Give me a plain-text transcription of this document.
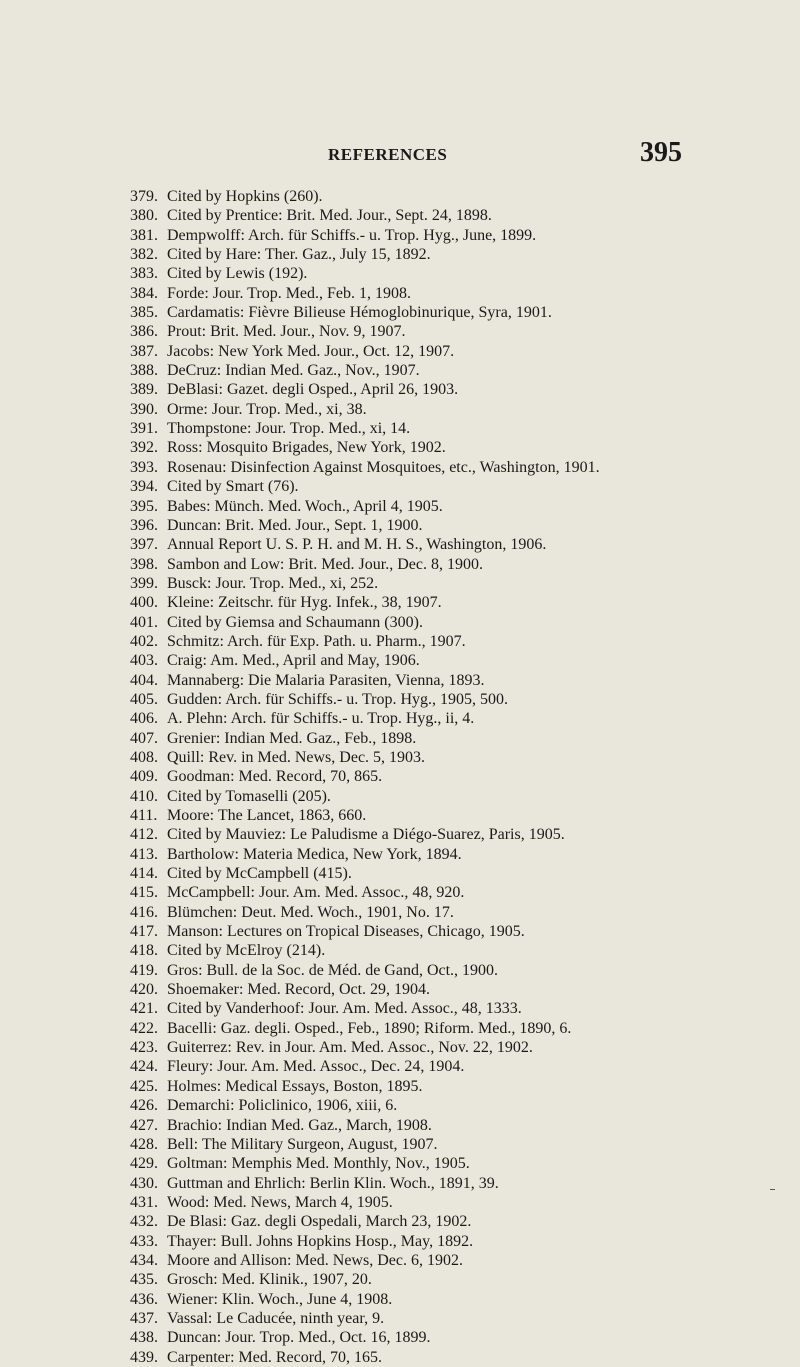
REFERENCES	395
379. Cited by Hopkins (260).
380. Cited by Prentice: Brit. Med. Jour., Sept. 24, 1898.
381. Dempwolff: Arch. für Schiffs.- u. Trop. Hyg., June, 1899.
382. Cited by Hare: Ther. Gaz., July 15, 1892.
383. Cited by Lewis (192).
384. Forde: Jour. Trop. Med., Feb. 1, 1908.
385. Cardamatis: Fièvre Bilieuse Hémoglobinurique, Syra, 1901.
386. Prout: Brit. Med. Jour., Nov. 9, 1907.
387. Jacobs: New York Med. Jour., Oct. 12, 1907.
388. DeCruz: Indian Med. Gaz., Nov., 1907.
389. DeBlasi: Gazet. degli Osped., April 26, 1903.
390. Orme: Jour. Trop. Med., xi, 38.
391. Thompstone: Jour. Trop. Med., xi, 14.
392. Ross: Mosquito Brigades, New York, 1902.
393. Rosenau: Disinfection Against Mosquitoes, etc., Washington, 1901.
394. Cited by Smart (76).
395. Babes: Münch. Med. Woch., April 4, 1905.
396. Duncan: Brit. Med. Jour., Sept. 1, 1900.
397. Annual Report U. S. P. H. and M. H. S., Washington, 1906.
398. Sambon and Low: Brit. Med. Jour., Dec. 8, 1900.
399. Busck: Jour. Trop. Med., xi, 252.
400. Kleine: Zeitschr. für Hyg. Infek., 38, 1907.
401. Cited by Giemsa and Schaumann (300).
402. Schmitz: Arch. für Exp. Path. u. Pharm., 1907.
403. Craig: Am. Med., April and May, 1906.
404. Mannaberg: Die Malaria Parasiten, Vienna, 1893.
405. Gudden: Arch. für Schiffs.- u. Trop. Hyg., 1905, 500.
406. A. Plehn: Arch. für Schiffs.- u. Trop. Hyg., ii, 4.
407. Grenier: Indian Med. Gaz., Feb., 1898.
408. Quill: Rev. in Med. News, Dec. 5, 1903.
409. Goodman: Med. Record, 70, 865.
410. Cited by Tomaselli (205).
411. Moore: The Lancet, 1863, 660.
412. Cited by Mauviez: Le Paludisme a Diégo-Suarez, Paris, 1905.
413. Bartholow: Materia Medica, New York, 1894.
414. Cited by McCampbell (415).
415. McCampbell: Jour. Am. Med. Assoc., 48, 920.
416. Blümchen: Deut. Med. Woch., 1901, No. 17.
417. Manson: Lectures on Tropical Diseases, Chicago, 1905.
418. Cited by McElroy (214).
419. Gros: Bull. de la Soc. de Méd. de Gand, Oct., 1900.
420. Shoemaker: Med. Record, Oct. 29, 1904.
421. Cited by Vanderhoof: Jour. Am. Med. Assoc., 48, 1333.
422. Bacelli: Gaz. degli. Osped., Feb., 1890; Riform. Med., 1890, 6.
423. Guiterrez: Rev. in Jour. Am. Med. Assoc., Nov. 22, 1902.
424. Fleury: Jour. Am. Med. Assoc., Dec. 24, 1904.
425. Holmes: Medical Essays, Boston, 1895.
426. Demarchi: Policlinico, 1906, xiii, 6.
427. Brachio: Indian Med. Gaz., March, 1908.
428. Bell: The Military Surgeon, August, 1907.
429. Goltman: Memphis Med. Monthly, Nov., 1905.
430. Guttman and Ehrlich: Berlin Klin. Woch., 1891, 39.
431. Wood: Med. News, March 4, 1905.
432. De Blasi: Gaz. degli Ospedali, March 23, 1902.
433. Thayer: Bull. Johns Hopkins Hosp., May, 1892.
434. Moore and Allison: Med. News, Dec. 6, 1902.
435. Grosch: Med. Klinik., 1907, 20.
436. Wiener: Klin. Woch., June 4, 1908.
437. Vassal: Le Caducée, ninth year, 9.
438. Duncan: Jour. Trop. Med., Oct. 16, 1899.
439. Carpenter: Med. Record, 70, 165.
